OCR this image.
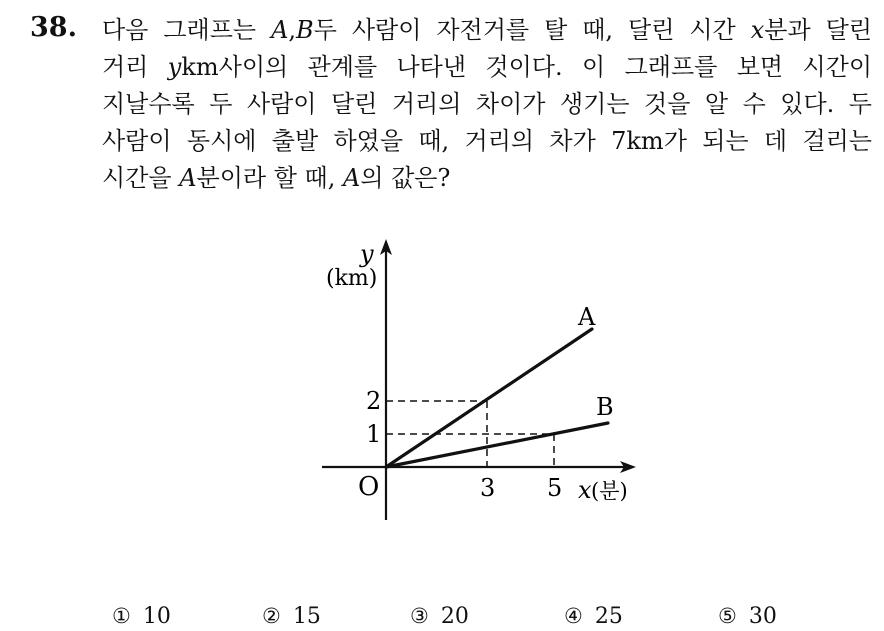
38. 다음 그래프는 A,B두 사람이 자전거를 탈 때, 달린 시간 x분과 달린
거리 ykm사이의 관계를 나타낸 것이다. 이 그래프를 보면 시간이
지날수록 두 사람이 달린 거리의 차이가 생기는 것을 알 수 있다. 두
사람이 동시에 출발 하였을 때, 거리의 차가 7km가 되는 데 걸리는
시간을 A분이라 할 때, A의 값은?
y
(km)
A
B
2
1
O	3 5 x (분)
① 10	② 15	③ 20	④ 25	⑤ 30
